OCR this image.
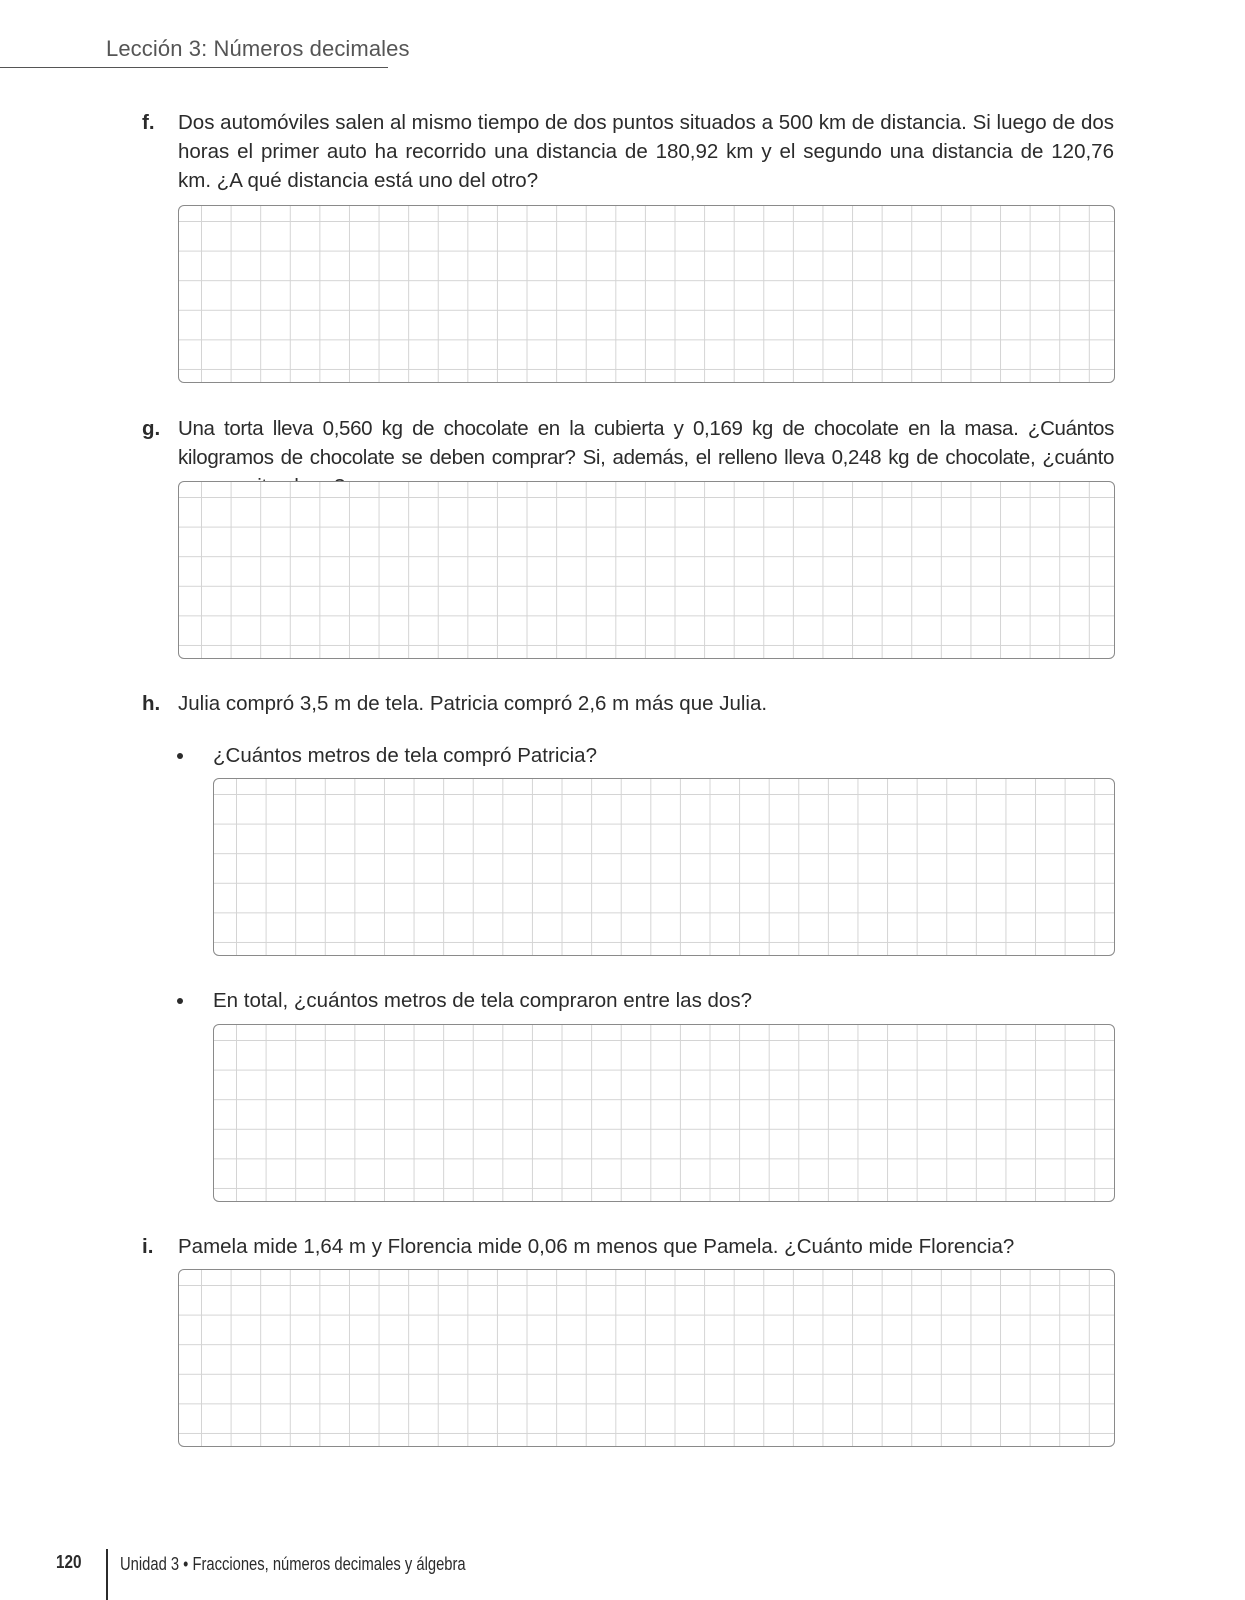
Lección 3: Números decimales
f. Dos automóviles salen al mismo tiempo de dos puntos situados a 500 km de distancia. Si luego de dos horas el primer auto ha recorrido una distancia de 180,92 km y el segundo una distancia de 120,76 km. ¿A qué distancia está uno del otro?
g. Una torta lleva 0,560 kg de chocolate en la cubierta y 0,169 kg de chocolate en la masa. ¿Cuántos kilogramos de chocolate se deben comprar? Si, además, el relleno lleva 0,248 kg de chocolate, ¿cuánto
h. Julia compró 3,5 m de tela. Patricia compró 2,6 m más que Julia.
¿Cuántos metros de tela compró Patricia?
En total, ¿cuántos metros de tela compraron entre las dos?
i. Pamela mide 1,64 m y Florencia mide 0,06 m menos que Pamela. ¿Cuánto mide Florencia?
120 Unidad 3 • Fracciones, números decimales y álgebra
